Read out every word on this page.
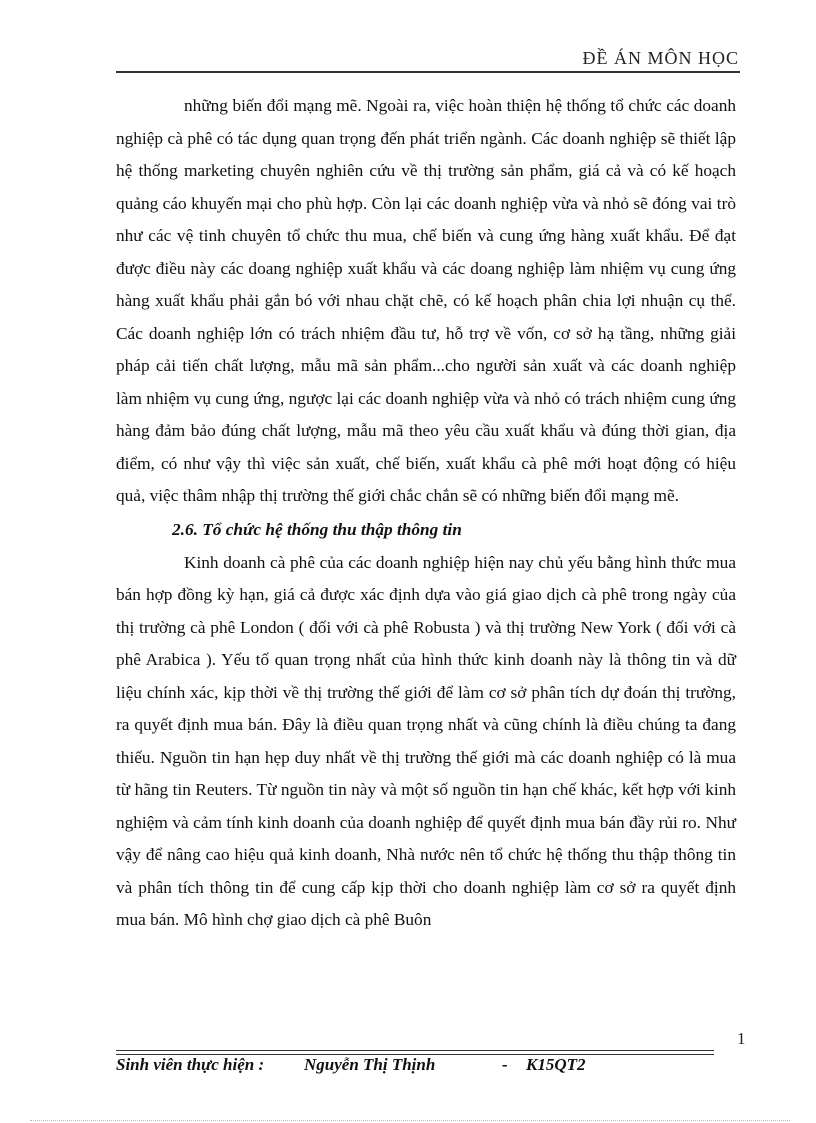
ĐỀ ÁN MÔN HỌC

những biến đổi mạng mẽ. Ngoài ra, việc hoàn thiện hệ thống tổ chức các doanh nghiệp cà phê có tác dụng quan trọng đến phát triển ngành. Các doanh nghiệp sẽ thiết lập hệ thống marketing chuyên nghiên cứu về thị trường sản phẩm, giá cả và có kế hoạch quảng cáo khuyến mại cho phù hợp. Còn lại các doanh nghiệp vừa và nhỏ sẽ đóng vai trò như các vệ tinh chuyên tổ chức thu mua, chế biến và cung ứng hàng xuất khẩu. Để đạt được điều này các doang nghiệp xuất khẩu và các doang nghiệp làm nhiệm vụ cung ứng hàng xuất khẩu phải gắn bó với nhau chặt chẽ, có kế hoạch phân chia lợi nhuận cụ thể. Các doanh nghiệp lớn có trách nhiệm đầu tư, hỗ trợ về vốn, cơ sở hạ tầng, những giải pháp cải tiến chất lượng, mẫu mã sản phẩm...cho người sản xuất và các doanh nghiệp làm nhiệm vụ cung ứng, ngược lại các doanh nghiệp vừa và nhỏ có trách nhiệm cung ứng hàng đảm bảo đúng chất lượng, mẫu mã theo yêu cầu xuất khẩu và đúng thời gian, địa điểm, có như vậy thì việc sản xuất, chế biến, xuất khẩu cà phê mới hoạt động có hiệu quả, việc thâm nhập thị trường thế giới chắc chắn sẽ có những biến đổi mạng mẽ.

2.6. Tổ chức hệ thống thu thập thông tin

Kinh doanh cà phê của các doanh nghiệp hiện nay chủ yếu bằng hình thức mua bán hợp đồng kỳ hạn, giá cả được xác định dựa vào giá giao dịch cà phê trong ngày của thị trường cà phê London ( đối với cà phê Robusta ) và thị trường New York ( đối với cà phê Arabica ). Yếu tố quan trọng nhất của hình thức kinh doanh này là thông tin và dữ liệu chính xác, kịp thời về thị trường thế giới để làm cơ sở phân tích dự đoán thị trường, ra quyết định mua bán. Đây là điều quan trọng nhất và cũng chính là điều chúng ta đang thiếu. Nguồn tin hạn hẹp duy nhất về thị trường thế giới mà các doanh nghiệp có là mua từ hãng tin Reuters. Từ nguồn tin này và một số nguồn tin hạn chế khác, kết hợp với kinh nghiệm và cảm tính kinh doanh của doanh nghiệp để quyết định mua bán đầy rủi ro. Như vậy để nâng cao hiệu quả kinh doanh, Nhà nước nên tổ chức hệ thống thu thập thông tin và phân tích thông tin để cung cấp kịp thời cho doanh nghiệp làm cơ sở ra quyết định mua bán. Mô hình chợ giao dịch cà phê Buôn

1
Sinh viên thực hiện : Nguyễn Thị Thịnh	- K15QT2
